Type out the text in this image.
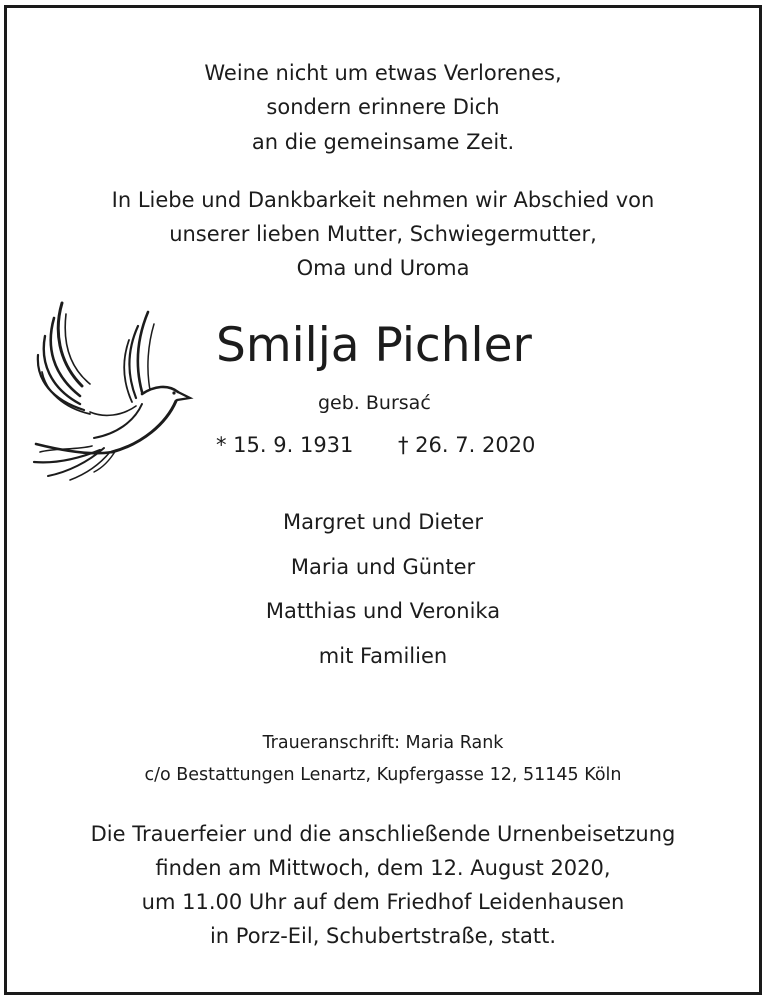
Weine nicht um etwas Verlorenes,
sondern erinnere Dich
an die gemeinsame Zeit.
In Liebe und Dankbarkeit nehmen wir Abschied von
unserer lieben Mutter, Schwiegermutter,
Oma und Uroma
Smilja Pichler
geb. Bursać
* 15. 9. 1931 † 26. 7. 2020
Margret und Dieter
Maria und Günter
Matthias und Veronika
mit Familien
Traueranschrift: Maria Rank
c/o Bestattungen Lenartz, Kupfergasse 12, 51145 Köln
Die Trauerfeier und die anschließende Urnenbeisetzung
finden am Mittwoch, dem 12. August 2020,
um 11.00 Uhr auf dem Friedhof Leidenhausen
in Porz-Eil, Schubertstraße, statt.
